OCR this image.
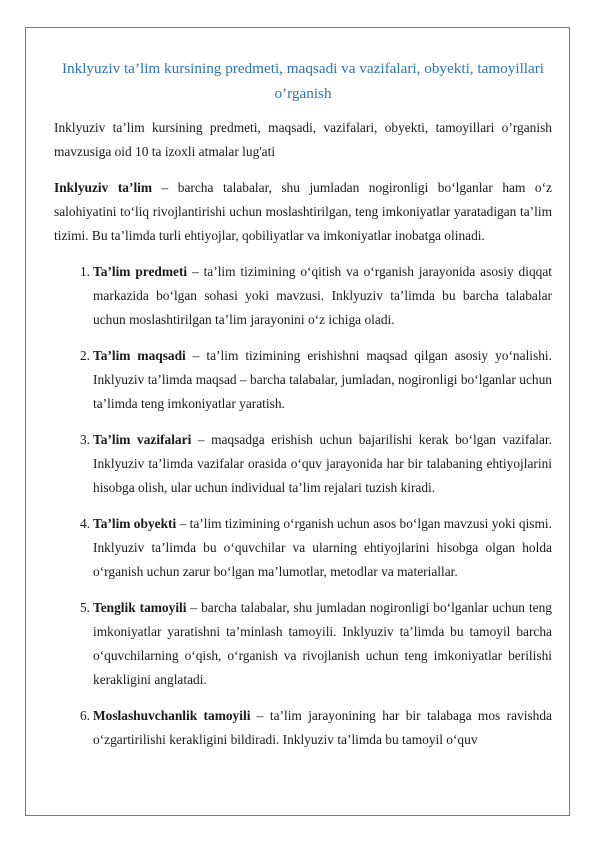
Inklyuziv ta’lim kursining predmeti, maqsadi va vazifalari, obyekti, tamoyillari o’rganish

Inklyuziv ta’lim kursining predmeti, maqsadi, vazifalari, obyekti, tamoyillari o’rganish mavzusiga oid 10 ta izoxli atmalar lug'ati

Inklyuziv ta’lim – barcha talabalar, shu jumladan nogironligi bo‘lganlar ham o‘z salohiyatini to‘liq rivojlantirishi uchun moslashtirilgan, teng imkoniyatlar yaratadigan ta’lim tizimi. Bu ta’limda turli ehtiyojlar, qobiliyatlar va imkoniyatlar inobatga olinadi.

1. Ta’lim predmeti – ta’lim tizimining o‘qitish va o‘rganish jarayonida asosiy diqqat markazida bo‘lgan sohasi yoki mavzusi. Inklyuziv ta’limda bu barcha talabalar uchun moslashtirilgan ta’lim jarayonini o‘z ichiga oladi.
2. Ta’lim maqsadi – ta’lim tizimining erishishni maqsad qilgan asosiy yo‘nalishi. Inklyuziv ta’limda maqsad – barcha talabalar, jumladan, nogironligi bo‘lganlar uchun ta’limda teng imkoniyatlar yaratish.
3. Ta’lim vazifalari – maqsadga erishish uchun bajarilishi kerak bo‘lgan vazifalar. Inklyuziv ta’limda vazifalar orasida o‘quv jarayonida har bir talabaning ehtiyojlarini hisobga olish, ular uchun individual ta’lim rejalari tuzish kiradi.
4. Ta’lim obyekti – ta’lim tizimining o‘rganish uchun asos bo‘lgan mavzusi yoki qismi. Inklyuziv ta’limda bu o‘quvchilar va ularning ehtiyojlarini hisobga olgan holda o‘rganish uchun zarur bo‘lgan ma’lumotlar, metodlar va materiallar.
5. Tenglik tamoyili – barcha talabalar, shu jumladan nogironligi bo‘lganlar uchun teng imkoniyatlar yaratishni ta’minlash tamoyili. Inklyuziv ta’limda bu tamoyil barcha o‘quvchilarning o‘qish, o‘rganish va rivojlanish uchun teng imkoniyatlar berilishi kerakligini anglatadi.
6. Moslashuvchanlik tamoyili – ta’lim jarayonining har bir talabaga mos ravishda o‘zgartirilishi kerakligini bildiradi. Inklyuziv ta’limda bu tamoyil o‘quv
